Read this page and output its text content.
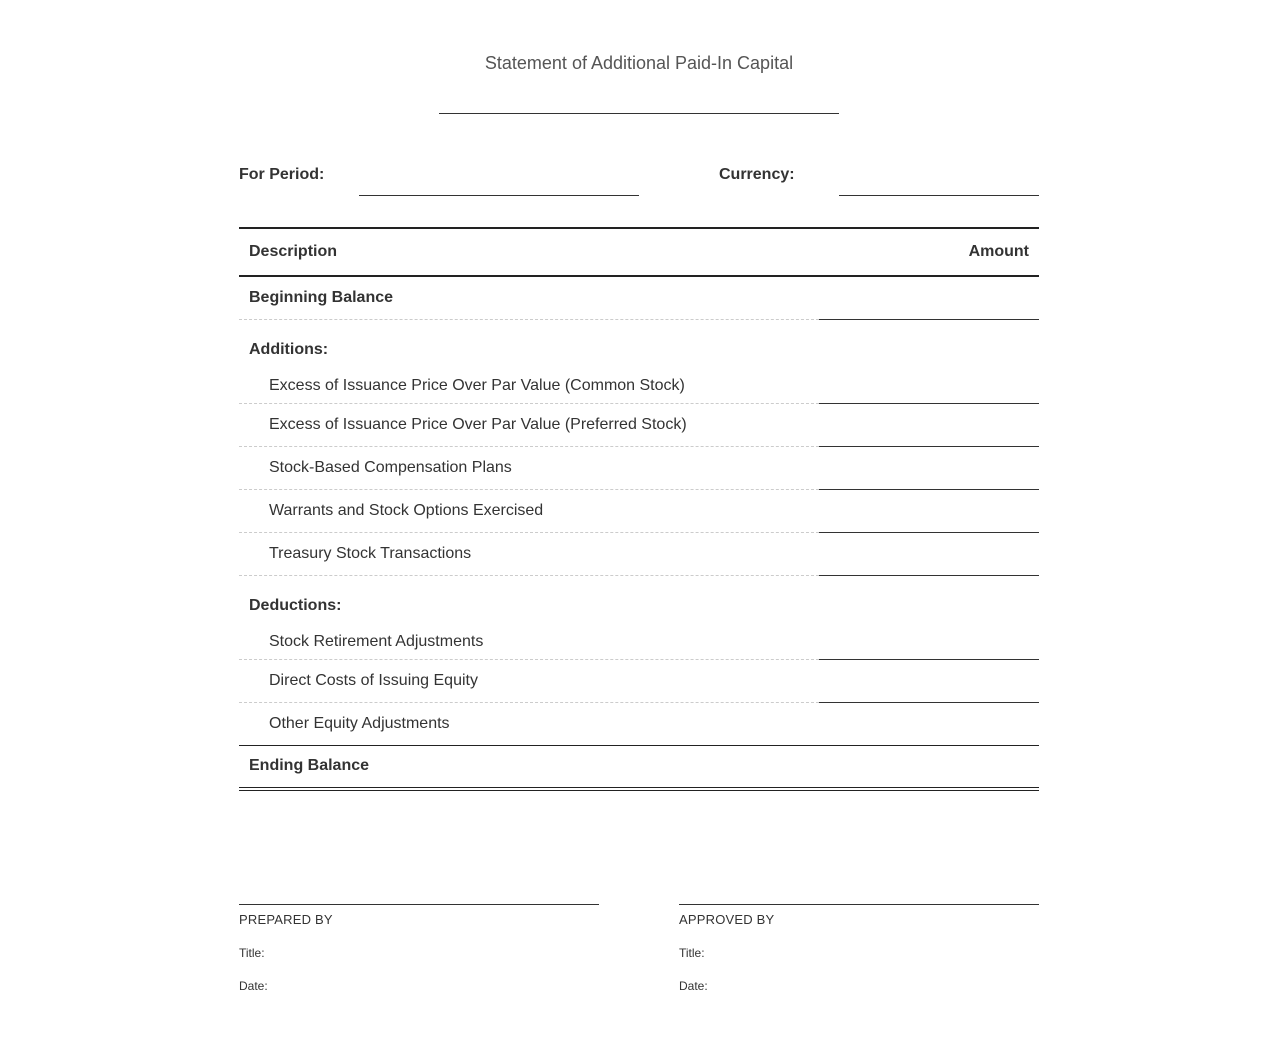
Statement of Additional Paid-In Capital
For Period:	Currency:
Description	Amount
Beginning Balance	
Additions:	
Excess of Issuance Price Over Par Value (Common Stock)	
Excess of Issuance Price Over Par Value (Preferred Stock)	
Stock-Based Compensation Plans	
Warrants and Stock Options Exercised	
Treasury Stock Transactions	
Deductions:	
Stock Retirement Adjustments	
Direct Costs of Issuing Equity	
Other Equity Adjustments	
Ending Balance	
PREPARED BY
Title:
Date:
APPROVED BY
Title:
Date:
